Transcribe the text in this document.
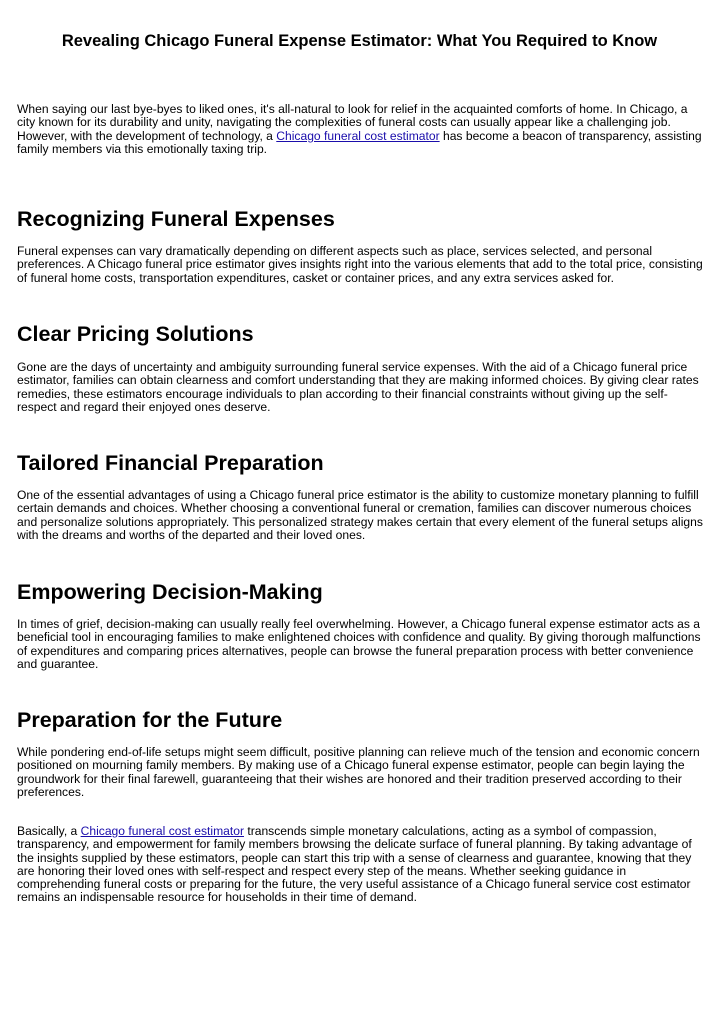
Revealing Chicago Funeral Expense Estimator: What You Required to Know

When saying our last bye-byes to liked ones, it's all-natural to look for relief in the acquainted comforts of home. In Chicago, a city known for its durability and unity, navigating the complexities of funeral costs can usually appear like a challenging job. However, with the development of technology, a Chicago funeral cost estimator has become a beacon of transparency, assisting family members via this emotionally taxing trip.

Recognizing Funeral Expenses

Funeral expenses can vary dramatically depending on different aspects such as place, services selected, and personal preferences. A Chicago funeral price estimator gives insights right into the various elements that add to the total price, consisting of funeral home costs, transportation expenditures, casket or container prices, and any extra services asked for.

Clear Pricing Solutions

Gone are the days of uncertainty and ambiguity surrounding funeral service expenses. With the aid of a Chicago funeral price estimator, families can obtain clearness and comfort understanding that they are making informed choices. By giving clear rates remedies, these estimators encourage individuals to plan according to their financial constraints without giving up the self-respect and regard their enjoyed ones deserve.

Tailored Financial Preparation

One of the essential advantages of using a Chicago funeral price estimator is the ability to customize monetary planning to fulfill certain demands and choices. Whether choosing a conventional funeral or cremation, families can discover numerous choices and personalize solutions appropriately. This personalized strategy makes certain that every element of the funeral setups aligns with the dreams and worths of the departed and their loved ones.

Empowering Decision-Making

In times of grief, decision-making can usually really feel overwhelming. However, a Chicago funeral expense estimator acts as a beneficial tool in encouraging families to make enlightened choices with confidence and quality. By giving thorough malfunctions of expenditures and comparing prices alternatives, people can browse the funeral preparation process with better convenience and guarantee.

Preparation for the Future

While pondering end-of-life setups might seem difficult, positive planning can relieve much of the tension and economic concern positioned on mourning family members. By making use of a Chicago funeral expense estimator, people can begin laying the groundwork for their final farewell, guaranteeing that their wishes are honored and their tradition preserved according to their preferences.

Basically, a Chicago funeral cost estimator transcends simple monetary calculations, acting as a symbol of compassion, transparency, and empowerment for family members browsing the delicate surface of funeral planning. By taking advantage of the insights supplied by these estimators, people can start this trip with a sense of clearness and guarantee, knowing that they are honoring their loved ones with self-respect and respect every step of the means. Whether seeking guidance in comprehending funeral costs or preparing for the future, the very useful assistance of a Chicago funeral service cost estimator remains an indispensable resource for households in their time of demand.
